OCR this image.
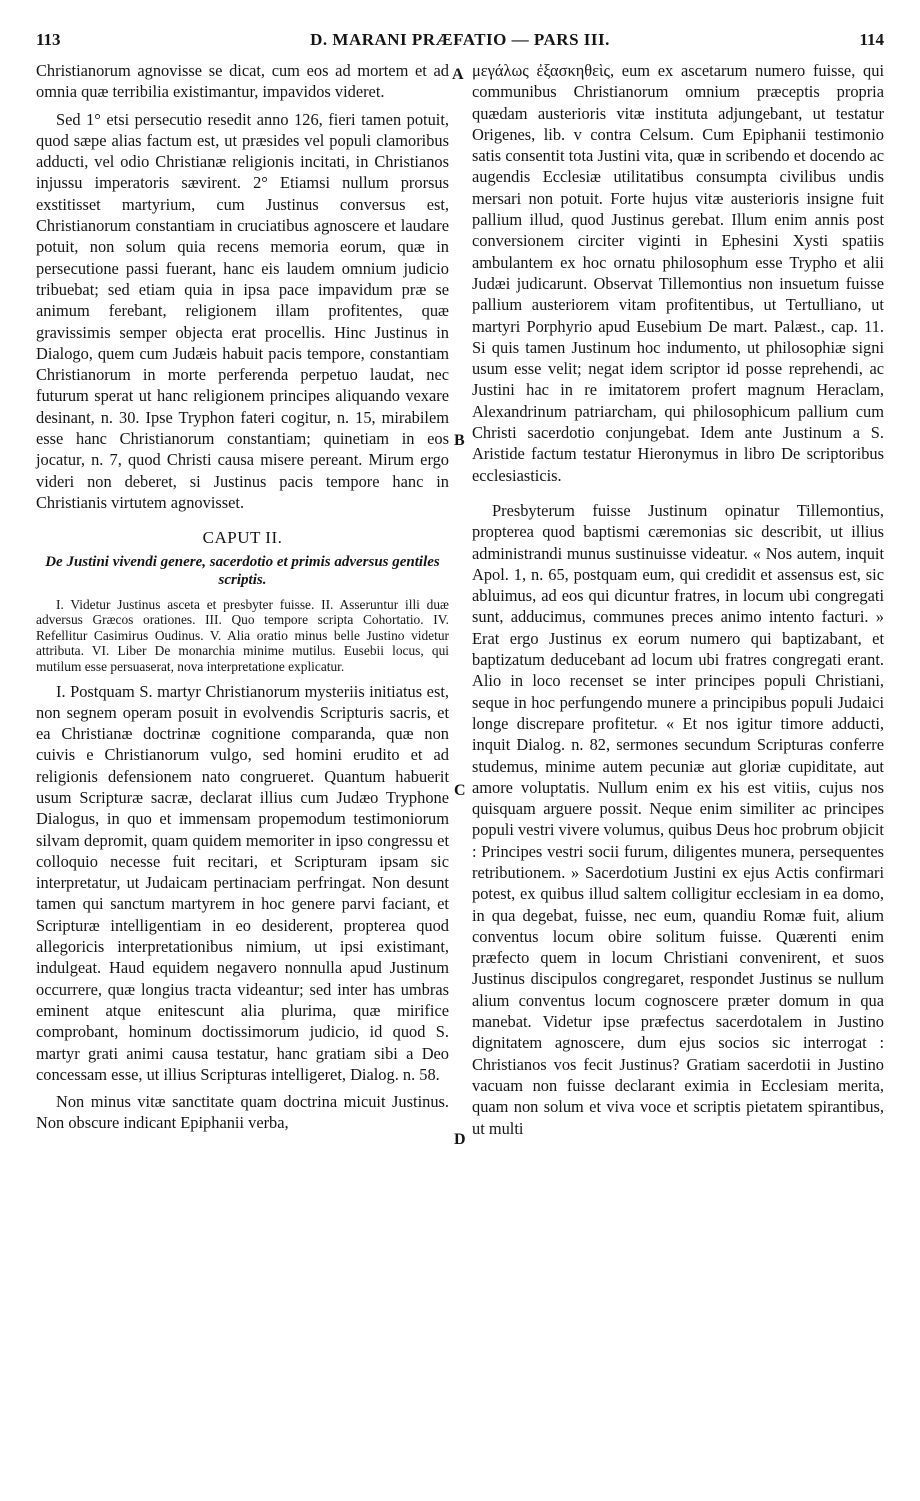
113	D. MARANI PRÆFATIO — PARS III.	114
A
B
C
D

Christianorum agnovisse se dicat, cum eos ad mortem et ad omnia quæ terribilia existimantur, impavidos videret.

Sed 1° etsi persecutio resedit anno 126, fieri tamen potuit, quod sæpe alias factum est, ut præsides vel populi clamoribus adducti, vel odio Christianæ religionis incitati, in Christianos injussu imperatoris sævirent. 2° Etiamsi nullum prorsus exstitisset martyrium, cum Justinus conversus est, Christianorum constantiam in cruciatibus agnoscere et laudare potuit, non solum quia recens memoria eorum, quæ in persecutione passi fuerant, hanc eis laudem omnium judicio tribuebat; sed etiam quia in ipsa pace impavidum præ se animum ferebant, religionem illam profitentes, quæ gravissimis semper objecta erat procellis. Hinc Justinus in Dialogo, quem cum Judæis habuit pacis tempore, constantiam Christianorum in morte perferenda perpetuo laudat, nec futurum sperat ut hanc religionem principes aliquando vexare desinant, n. 30. Ipse Tryphon fateri cogitur, n. 15, mirabilem esse hanc Christianorum constantiam; quinetiam in eos jocatur, n. 7, quod Christi causa misere pereant. Mirum ergo videri non deberet, si Justinus pacis tempore hanc in Christianis virtutem agnovisset.

CAPUT II.
De Justini vivendi genere, sacerdotio et primis adversus gentiles scriptis.

I. Videtur Justinus asceta et presbyter fuisse. II. Asseruntur illi duæ adversus Græcos orationes. III. Quo tempore scripta Cohortatio. IV. Refellitur Casimirus Oudinus. V. Alia oratio minus belle Justino videtur attributa. VI. Liber De monarchia minime mutilus. Eusebii locus, qui mutilum esse persuaserat, nova interpretatione explicatur.

I. Postquam S. martyr Christianorum mysteriis initiatus est, non segnem operam posuit in evolvendis Scripturis sacris, et ea Christianæ doctrinæ cognitione comparanda, quæ non cuivis e Christianorum vulgo, sed homini erudito et ad religionis defensionem nato congrueret. Quantum habuerit usum Scripturæ sacræ, declarat illius cum Judæo Tryphone Dialogus, in quo et immensam propemodum testimoniorum silvam depromit, quam quidem memoriter in ipso congressu et colloquio necesse fuit recitari, et Scripturam ipsam sic interpretatur, ut Judaicam pertinaciam perfringat. Non desunt tamen qui sanctum martyrem in hoc genere parvi faciant, et Scripturæ intelligentiam in eo desiderent, propterea quod allegoricis interpretationibus nimium, ut ipsi existimant, indulgeat. Haud equidem negavero nonnulla apud Justinum occurrere, quæ longius tracta videantur; sed inter has umbras eminent atque enitescunt alia plurima, quæ mirifice comprobant, hominum doctissimorum judicio, id quod S. martyr grati animi causa testatur, hanc gratiam sibi a Deo concessam esse, ut illius Scripturas intelligeret, Dialog. n. 58.

Non minus vitæ sanctitate quam doctrina micuit Justinus. Non obscure indicant Epiphanii verba,

μεγάλως ἐξασκηθεὶς, eum ex ascetarum numero fuisse, qui communibus Christianorum omnium præceptis propria quædam austerioris vitæ instituta adjungebant, ut testatur Origenes, lib. v contra Celsum. Cum Epiphanii testimonio satis consentit tota Justini vita, quæ in scribendo et docendo ac augendis Ecclesiæ utilitatibus consumpta civilibus undis mersari non potuit. Forte hujus vitæ austerioris insigne fuit pallium illud, quod Justinus gerebat. Illum enim annis post conversionem circiter viginti in Ephesini Xysti spatiis ambulantem ex hoc ornatu philosophum esse Trypho et alii Judæi judicarunt. Observat Tillemontius non insuetum fuisse pallium austeriorem vitam profitentibus, ut Tertulliano, ut martyri Porphyrio apud Eusebium De mart. Palæst., cap. 11. Si quis tamen Justinum hoc indumento, ut philosophiæ signi usum esse velit; negat idem scriptor id posse reprehendi, ac Justini hac in re imitatorem profert magnum Heraclam, Alexandrinum patriarcham, qui philosophicum pallium cum Christi sacerdotio conjungebat. Idem ante Justinum a S. Aristide factum testatur Hieronymus in libro De scriptoribus ecclesiasticis.

Presbyterum fuisse Justinum opinatur Tillemontius, propterea quod baptismi cæremonias sic describit, ut illius administrandi munus sustinuisse videatur. « Nos autem, inquit Apol. 1, n. 65, postquam eum, qui credidit et assensus est, sic abluimus, ad eos qui dicuntur fratres, in locum ubi congregati sunt, adducimus, communes preces animo intento facturi. » Erat ergo Justinus ex eorum numero qui baptizabant, et baptizatum deducebant ad locum ubi fratres congregati erant. Alio in loco recenset se inter principes populi Christiani, seque in hoc perfungendo munere a principibus populi Judaici longe discrepare profitetur. « Et nos igitur timore adducti, inquit Dialog. n. 82, sermones secundum Scripturas conferre studemus, minime autem pecuniæ aut gloriæ cupiditate, aut amore voluptatis. Nullum enim ex his est vitiis, cujus nos quisquam arguere possit. Neque enim similiter ac principes populi vestri vivere volumus, quibus Deus hoc probrum objicit : Principes vestri socii furum, diligentes munera, persequentes retributionem. » Sacerdotium Justini ex ejus Actis confirmari potest, ex quibus illud saltem colligitur ecclesiam in ea domo, in qua degebat, fuisse, nec eum, quandiu Romæ fuit, alium conventus locum obire solitum fuisse. Quærenti enim præfecto quem in locum Christiani convenirent, et suos Justinus discipulos congregaret, respondet Justinus se nullum alium conventus locum cognoscere præter domum in qua manebat. Videtur ipse præfectus sacerdotalem in Justino dignitatem agnoscere, dum ejus socios sic interrogat : Christianos vos fecit Justinus? Gratiam sacerdotii in Justino vacuam non fuisse declarant eximia in Ecclesiam merita, quam non solum et viva voce et scriptis pietatem spirantibus, ut multi
